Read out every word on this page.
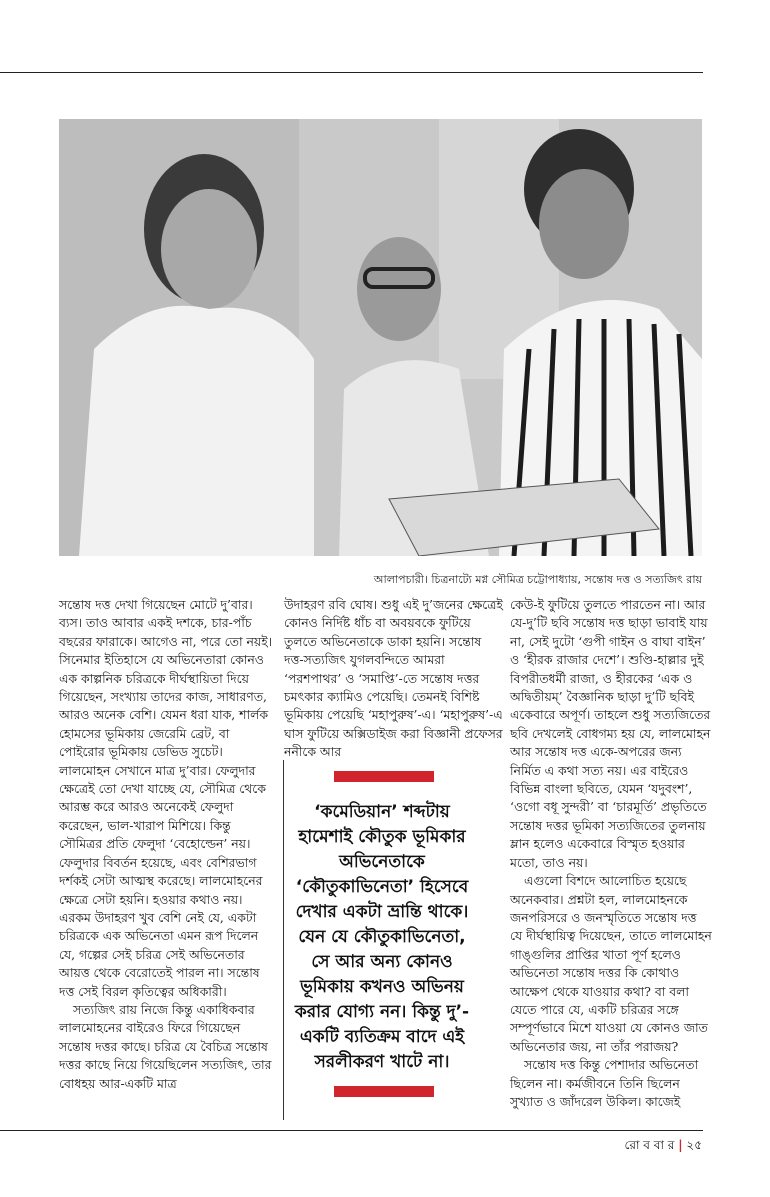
আলাপচারী। চিত্রনাট্যে মগ্ন সৌমিত্র চট্টোপাধ্যায়, সন্তোষ দত্ত ও সত্যজিৎ রায়

সন্তোষ দত্ত দেখা গিয়েছেন মোটে দু’বার। ব্যস। তাও আবার একই দশকে, চার-পাঁচ বছরের ফারাকে। আগেও না, পরে তো নয়ই। সিনেমার ইতিহাসে যে অভিনেতারা কোনও এক কাল্পনিক চরিত্রকে দীর্ঘস্থায়িতা দিয়ে গিয়েছেন, সংখ্যায় তাদের কাজ, সাধারণত, আরও অনেক বেশি। যেমন ধরা যাক, শার্লক হোমসের ভূমিকায় জেরেমি ব্রেট, বা পোইরোর ভূমিকায় ডেভিড সুচেট। লালমোহন সেখানে মাত্র দু’বার। ফেলুদার ক্ষেত্রেই তো দেখা যাচ্ছে যে, সৌমিত্র থেকে আরম্ভ করে আরও অনেকেই ফেলুদা করেছেন, ভাল-খারাপ মিশিয়ে। কিন্তু সৌমিত্রর প্রতি ফেলুদা ‘বেহোল্ডেন’ নয়। ফেলুদার বিবর্তন হয়েছে, এবং বেশিরভাগ দর্শকই সেটা আত্মস্থ করেছে। লালমোহনের ক্ষেত্রে সেটা হয়নি। হওয়ার কথাও নয়। এরকম উদাহরণ খুব বেশি নেই যে, একটা চরিত্রকে এক অভিনেতা এমন রূপ দিলেন যে, গল্পের সেই চরিত্র সেই অভিনেতার আয়ত্ত থেকে বেরোতেই পারল না। সন্তোষ দত্ত সেই বিরল কৃতিত্বের অধিকারী।

সত্যজিৎ রায় নিজে কিন্তু একাধিকবার লালমোহনের বাইরেও ফিরে গিয়েছেন সন্তোষ দত্তর কাছে। চরিত্র যে বৈচিত্র সন্তোষ দত্তর কাছে নিয়ে গিয়েছিলেন সত্যজিৎ, তার বোধহয় আর-একটি মাত্র

উদাহরণ রবি ঘোষ। শুধু এই দু’জনের ক্ষেত্রেই কোনও নির্দিষ্ট ধাঁচ বা অবয়বকে ফুটিয়ে তুলতে অভিনেতাকে ডাকা হয়নি। সন্তোষ দত্ত-সত্যজিৎ যুগলবন্দিতে আমরা ‘পরশপাথর’ ও ‘সমাপ্তি’-তে সন্তোষ দত্তর চমৎকার ক্যামিও পেয়েছি। তেমনই বিশিষ্ট ভূমিকায় পেয়েছি ‘মহাপুরুষ’-এ। ‘মহাপুরুষ’-এ ঘাস ফুটিয়ে অক্সিডাইজ করা বিজ্ঞানী প্রফেসর ননীকে আর

‘কমেডিয়ান’ শব্দটায় হামেশাই কৌতুক ভূমিকার অভিনেতাকে ‘কৌতুকাভিনেতা’ হিসেবে দেখার একটা ভ্রান্তি থাকে। যেন যে কৌতুকাভিনেতা, সে আর অন্য কোনও ভূমিকায় কখনও অভিনয় করার যোগ্য নন। কিন্তু দু’-একটি ব্যতিক্রম বাদে এই সরলীকরণ খাটে না।

কেউ-ই ফুটিয়ে তুলতে পারতেন না। আর যে-দু’টি ছবি সন্তোষ দত্ত ছাড়া ভাবাই যায় না, সেই দুটো ‘গুপী গাইন ও বাঘা বাইন’ ও ‘হীরক রাজার দেশে’। শুণ্ডি-হাল্লার দুই বিপরীতধর্মী রাজা, ও হীরকের ‘এক ও অদ্বিতীয়ম্’ বৈজ্ঞানিক ছাড়া দু’টি ছবিই একেবারে অপূর্ণ। তাহলে শুধু সত্যজিতের ছবি দেখলেই বোধগম্য হয় যে, লালমোহন আর সন্তোষ দত্ত একে-অপরের জন্য নির্মিত এ কথা সত্য নয়। এর বাইরেও বিভিন্ন বাংলা ছবিতে, যেমন ‘যদুবংশ’, ‘ওগো বধূ সুন্দরী’ বা ‘চারমূর্তি’ প্রভৃতিতে সন্তোষ দত্তর ভূমিকা সত্যজিতের তুলনায় ম্লান হলেও একেবারে বিস্মৃত হওয়ার মতো, তাও নয়।

এগুলো বিশদে আলোচিত হয়েছে অনেকবার। প্রশ্নটা হল, লালমোহনকে জনপরিসরে ও জনস্মৃতিতে সন্তোষ দত্ত যে দীর্ঘস্থায়িত্ব দিয়েছেন, তাতে লালমোহন গাঙ্গুলির প্রাপ্তির খাতা পূর্ণ হলেও অভিনেতা সন্তোষ দত্তর কি কোথাও আক্ষেপ থেকে যাওয়ার কথা? বা বলা যেতে পারে যে, একটি চরিত্রর সঙ্গে সম্পূর্ণভাবে মিশে যাওয়া যে কোনও জাত অভিনেতার জয়, না তাঁর পরাজয়?

সন্তোষ দত্ত কিন্তু পেশাদার অভিনেতা ছিলেন না। কর্মজীবনে তিনি ছিলেন সুখ্যাত ও জাঁদরেল উকিল। কাজেই

রো ব বা র | ২৫
